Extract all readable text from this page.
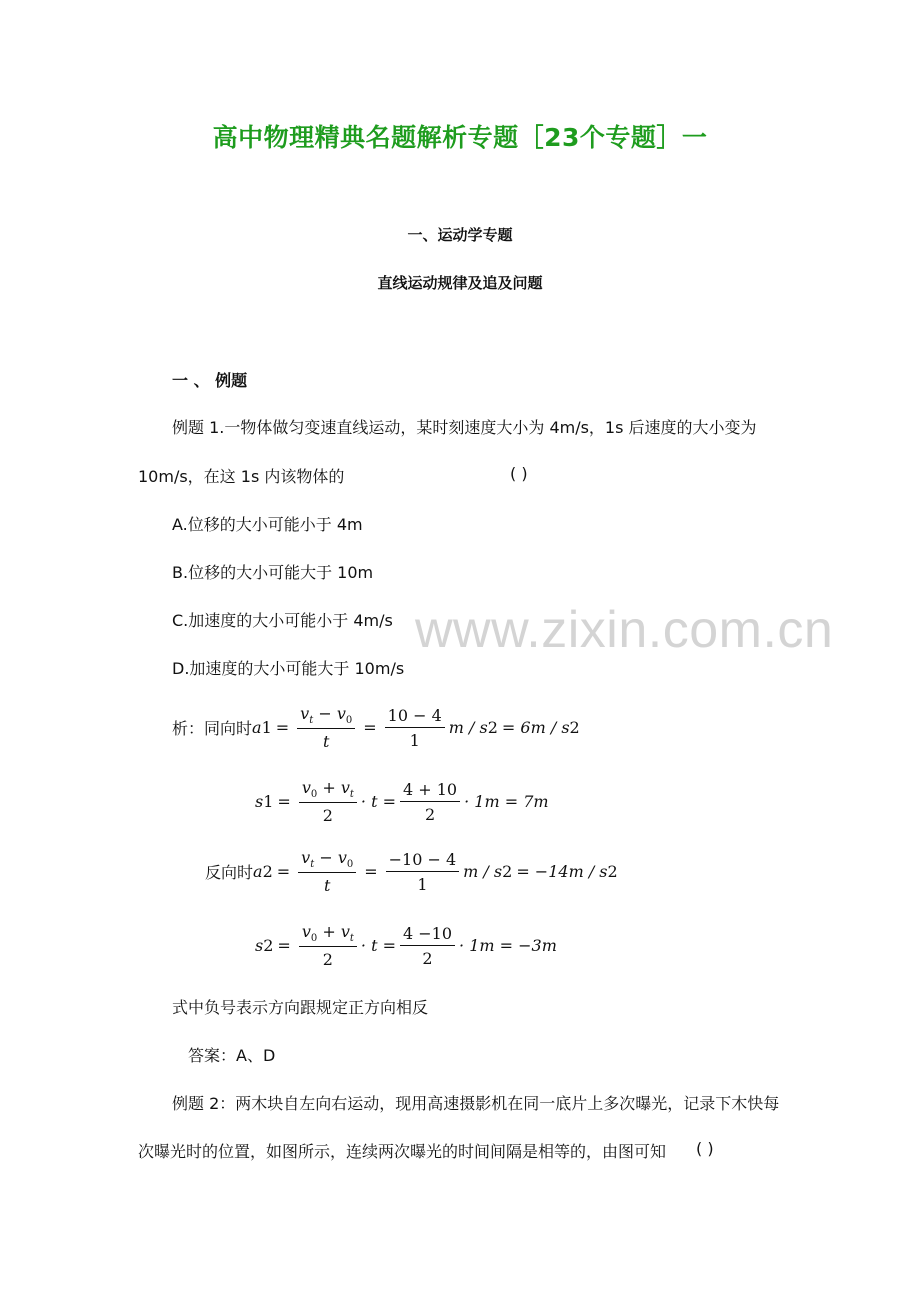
高中物理精典名题解析专题［23个专题］一
一、运动学专题
直线运动规律及追及问题
一 、 例题
例题 1.一物体做匀变速直线运动，某时刻速度大小为 4m/s，1s 后速度的大小变为
10m/s，在这 1s 内该物体的	( )
A.位移的大小可能小于 4m
B.位移的大小可能大于 10m
C.加速度的大小可能小于 4m/s
D.加速度的大小可能大于 10m/s
析：同向时 a $1 = \frac{v_t - v_0}{t} = \frac{10 - 4}{1}$ m / s 2 = 6m / s 2
s $1 = \frac{v_0 + v_t}{2} \cdot t = \frac{4 + 10}{2} \cdot 1m = 7m$
反向时 a $2 = \frac{v_t - v_0}{t} = \frac{-10 - 4}{1}$ m / s 2 = −14m / s 2
s $2 = \frac{v_0 + v_t}{2} \cdot t = \frac{4 -10}{2} \cdot 1m = -3m$
式中负号表示方向跟规定正方向相反
答案：A、D
例题 2：两木块自左向右运动，现用高速摄影机在同一底片上多次曝光，记录下木快每
次曝光时的位置，如图所示，连续两次曝光的时间间隔是相等的，由图可知 ( )
www.zixin.com.cn
